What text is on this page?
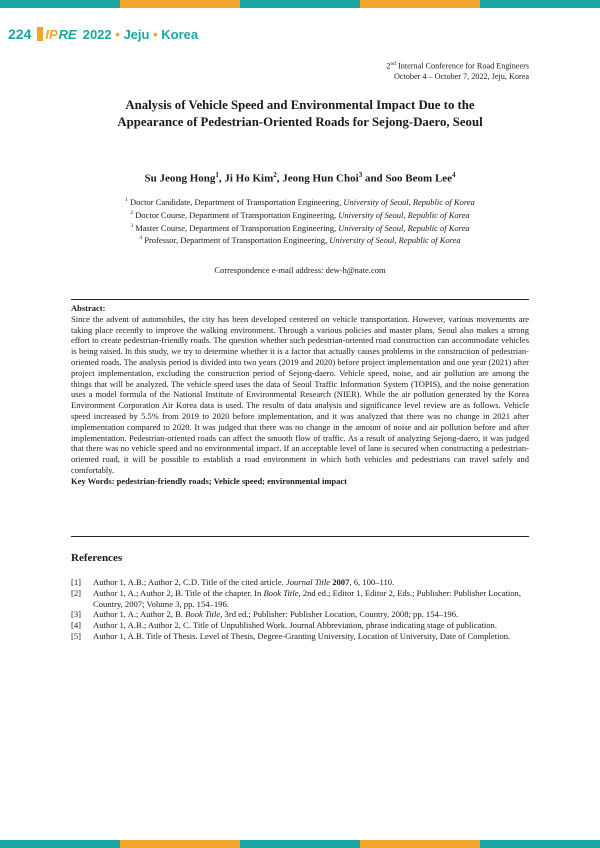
224 IP RE 2022 • Jeju • Korea
2nd Internal Conference for Road Engineers
October 4 – October 7, 2022, Jeju, Korea
Analysis of Vehicle Speed and Environmental Impact Due to the
Appearance of Pedestrian-Oriented Roads for Sejong-Daero, Seoul
Su Jeong Hong$^1$, Ji Ho Kim$^2$, Jeong Hun Choi$^3$ and Soo Beom Lee$^4$
$^1$ Doctor Candidate, Department of Transportation Engineering, University of Seoul, Republic of Korea
$^2$ Doctor Course, Department of Transportation Engineering, University of Seoul, Republic of Korea
$^3$ Master Course, Department of Transportation Engineering, University of Seoul, Republic of Korea
$^4$ Professor, Department of Transportation Engineering, University of Seoul, Republic of Korea
Correspondence e-mail address: dew-h@nate.com
Abstract:
Since the advent of automobiles, the city has been developed centered on vehicle transportation. However, various movements are taking place recently to improve the walking environment. Through a various policies and master plans, Seoul also makes a strong effort to create pedestrian-friendly roads. The question whether such pedestrian-oriented road construction can accommodate vehicles is being raised. In this study, we try to determine whether it is a factor that actually causes problems in the construction of pedestrian-oriented roads. The analysis period is divided into two years (2019 and 2020) before project implementation and one year (2021) after project implementation, excluding the construction period of Sejong-daero. Vehicle speed, noise, and air pollution are among the things that will be analyzed. The vehicle speed uses the data of Seoul Traffic Information System (TOPIS), and the noise generation uses a model formula of the National Institute of Environmental Research (NIER). While the air pollution generated by the Korea Environment Corporation Air Korea data is used. The results of data analysis and significance level review are as follows. Vehicle speed increased by 5.5% from 2019 to 2020 before implementation, and it was analyzed that there was no change in 2021 after implementation compared to 2020. It was judged that there was no change in the amount of noise and air pollution before and after implementation. Pedestrian-oriented roads can affect the smooth flow of traffic. As a result of analyzing Sejong-daero, it was judged that there was no vehicle speed and no environmental impact. If an acceptable level of lane is secured when constructing a pedestrian-oriented road, it will be possible to establish a road environment in which both vehicles and pedestrians can travel safely and comfortably.
Key Words: pedestrian-friendly roads; Vehicle speed; environmental impact
References
[1]	Author 1, A.B.; Author 2, C.D. Title of the cited article. Journal Title 2007, 6, 100–110.
[2]	Author 1, A.; Author 2, B. Title of the chapter. In Book Title, 2nd ed.; Editor 1, Editor 2, Eds.; Publisher: Publisher Location, Country, 2007; Volume 3, pp. 154–196.
[3]	Author 1, A.; Author 2, B. Book Title, 3rd ed.; Publisher: Publisher Location, Country, 2008; pp. 154–196.
[4]	Author 1, A.B.; Author 2, C. Title of Unpublished Work. Journal Abbreviation, phrase indicating stage of publication.
[5]	Author 1, A.B. Title of Thesis. Level of Thesis, Degree-Granting University, Location of University, Date of Completion.
